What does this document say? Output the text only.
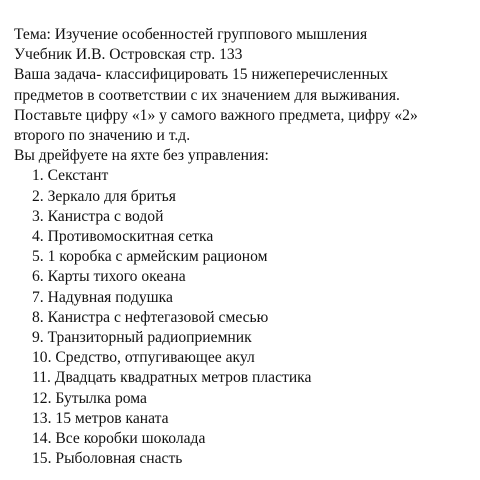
Тема: Изучение особенностей группового мышления
Учебник И.В. Островская стр. 133
Ваша задача- классифицировать 15 нижеперечисленных
предметов в соответствии с их значением для выживания.
Поставьте цифру «1» у самого важного предмета, цифру «2»
второго по значению и т.д.
Вы дрейфуете на яхте без управления:
1. Секстант
2. Зеркало для бритья
3. Канистра с водой
4. Противомоскитная сетка
5. 1 коробка с армейским рационом
6. Карты тихого океана
7. Надувная подушка
8. Канистра с нефтегазовой смесью
9. Транзиторный радиоприемник
10. Средство, отпугивающее акул
11. Двадцать квадратных метров пластика
12. Бутылка рома
13. 15 метров каната
14. Все коробки шоколада
15. Рыболовная снасть
